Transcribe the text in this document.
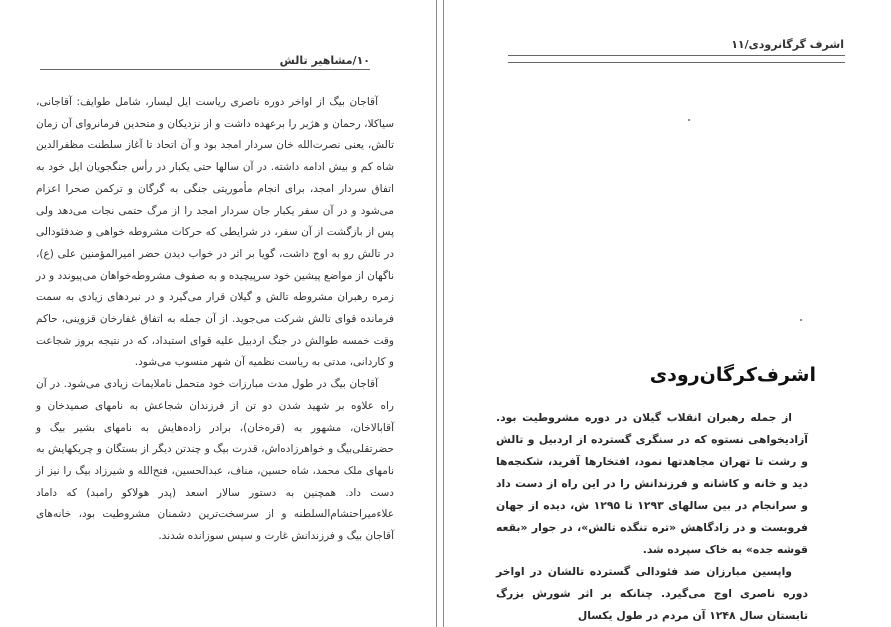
۱۰/مشاهیر تالش

آقاجان بیگ از اواخر دوره ناصری ریاست ایل لیسار، شامل طوایف: آقاجانی، سیاکلا، رحمان و هژبر را برعهده داشت و از نزدیکان و متحدین فرمانروای آن زمان تالش، یعنی نصرت‌الله خان سردار امجد بود و آن اتحاد تا آغاز سلطنت مظفرالدین شاه کم و بیش ادامه داشته. در آن سالها حتی یکبار در رأس جنگجویان ایل خود به اتفاق سردار امجد، برای انجام مأموریتی جنگی به گرگان و ترکمن صحرا اعزام می‌شود و در آن سفر یکبار جان سردار امجد را از مرگ حتمی نجات می‌دهد ولی پس از بازگشت از آن سفر، در شرایطی که حرکات مشروطه خواهی و ضدفئودالی در تالش رو به اوج داشت، گویا بر اثر در خواب دیدن حضر امیرالمؤمنین علی (ع)، ناگهان از مواضع پیشین خود سرپیچیده و به صفوف مشروطه‌خواهان می‌پیوندد و در زمره رهبران مشروطه تالش و گیلان قرار می‌گیرد و در نبردهای زیادی به سمت فرمانده قوای تالش شرکت می‌جوید. از آن جمله به اتفاق غفارخان قزوینی، حاکم وقت خمسه طوالش در جنگ اردبیل علیه قوای استبداد، که در نتیجه بروز شجاعت و کاردانی، مدتی به ریاست نظمیه آن شهر منسوب می‌شود.

آقاجان بیگ در طول مدت مبارزات خود متحمل ناملایمات زیادی می‌شود. در آن راه علاوه بر شهید شدن دو تن از فرزندان شجاعش به نامهای صمیدخان و آقابالاخان، مشهور به (قره‌خان)، برادر زاده‌هایش به نامهای بشیر بیگ و حضرتقلی‌بیگ و خواهرزاده‌اش، قدرت بیگ و چندتن دیگر از بستگان و چریکهایش به نامهای ملک محمد، شاه حسین، مناف، عبدالحسین، فتح‌الله و شیرزاد بیگ را نیز از دست داد. همچنین به دستور سالار اسعد (پدر هولاکو رامبد) که داماد علاءمیراحتشام‌السلطنه و از سرسخت‌ترین دشمنان مشروطیت بود، خانه‌های آقاجان بیگ و فرزندانش غارت و سپس سوزانده شدند.

اشرف گرگانرودی/۱۱
اشرف‌کرگان‌رودی

از جمله رهبران انقلاب گیلان در دوره مشروطیت بود. آزادیخواهی نستوه که در سنگری گسترده از اردبیل و تالش و رشت تا تهران مجاهدتها نمود، افتخارها آفرید، شکنجه‌ها دید و خانه و کاشانه و فرزندانش را در این راه از دست داد و سرانجام در بین سالهای ۱۲۹۳ تا ۱۲۹۵ ش، دیده از جهان فروبست و در زادگاهش «تره تنگده تالش»، در جوار «بقعه قوشه جده» به خاک سپرده شد.

واپسین مبارزان ضد فئودالی گسترده تالشان در اواخر دوره ناصری اوج می‌گیرد. چنانکه بر اثر شورش بزرگ تابستان سال ۱۲۴۸ آن مردم در طول یکسال
